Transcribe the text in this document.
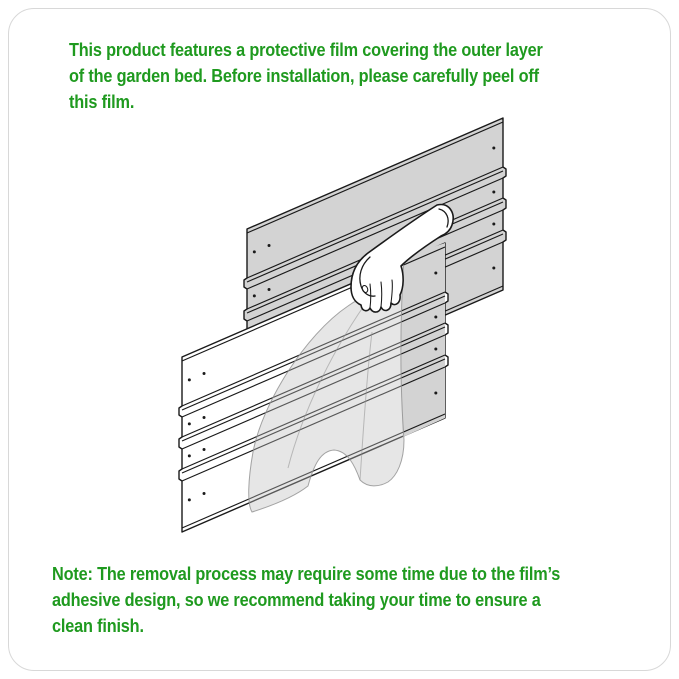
This product features a protective film covering the outer layer
of the garden bed. Before installation, please carefully peel off
this film.
Note: The removal process may require some time due to the film’s
adhesive design, so we recommend taking your time to ensure a
clean finish.
